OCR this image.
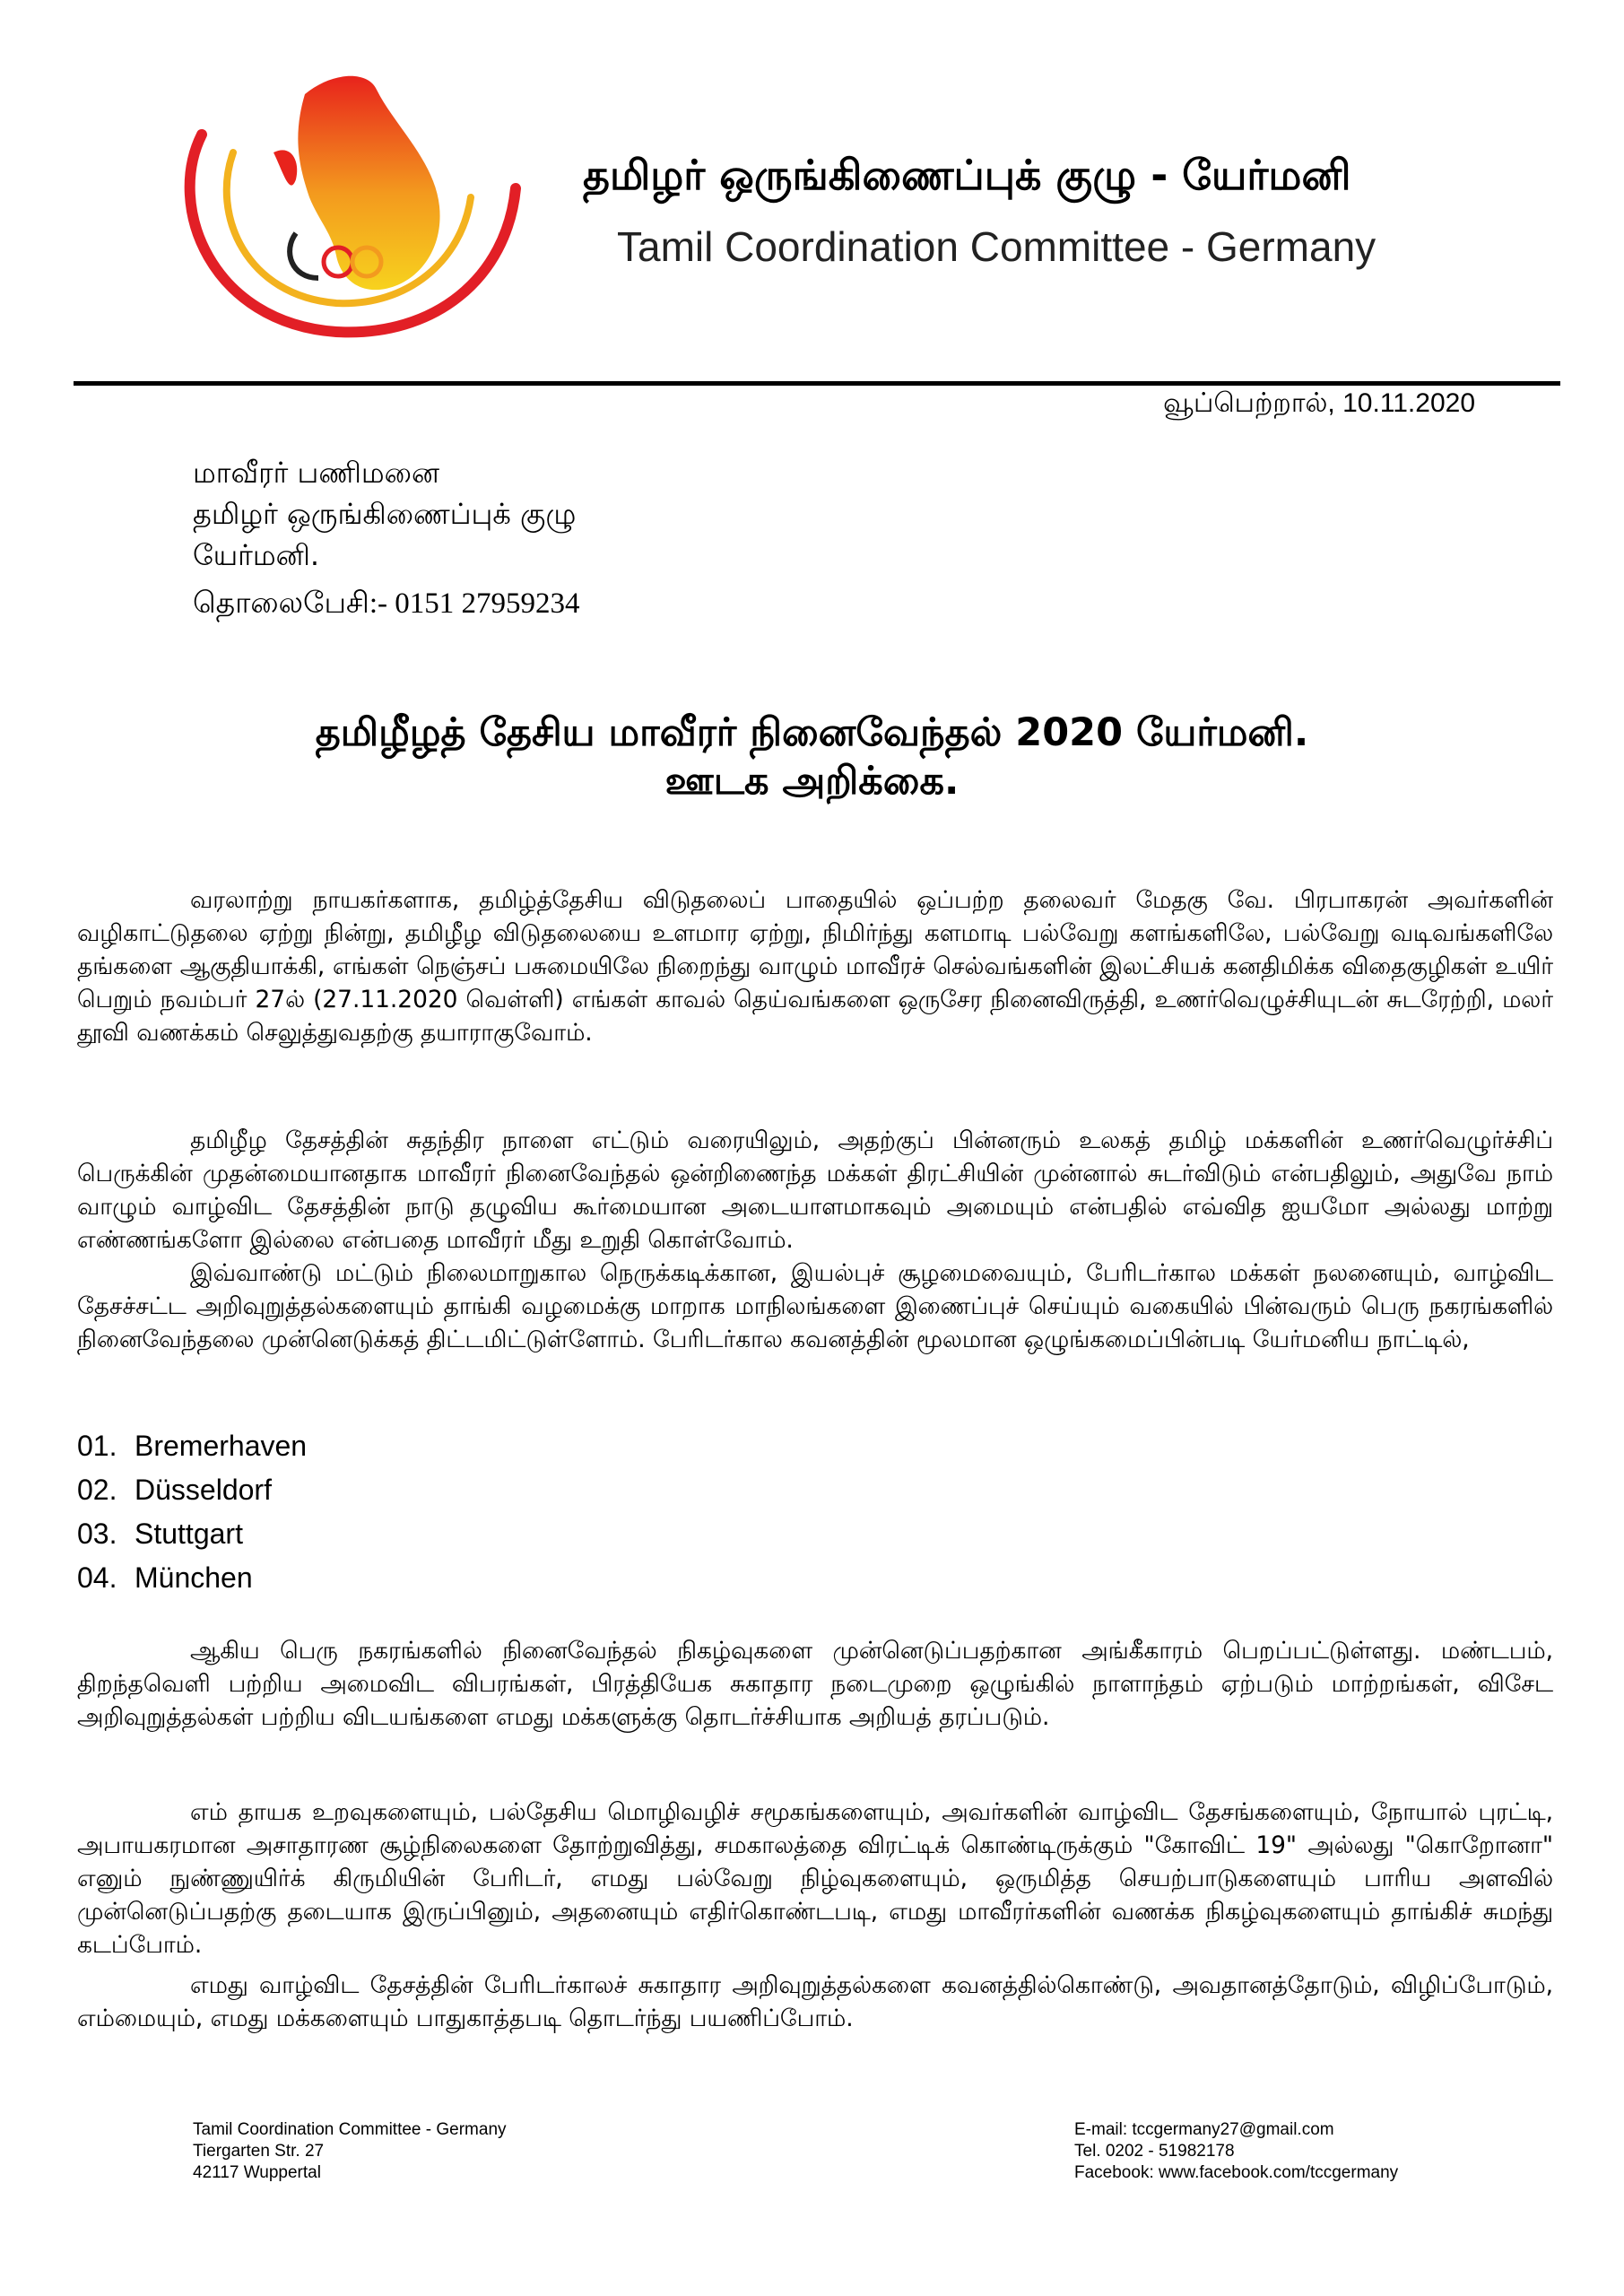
TCC
தமிழர் ஒருங்கிணைப்புக் குழு - யேர்மனி
Tamil Coordination Committee - Germany
வூப்பெற்றால், 10.11.2020
மாவீரர் பணிமனை
தமிழர் ஒருங்கிணைப்புக் குழு
யேர்மனி.
தொலைபேசி:- 0151 27959234
தமிழீழத் தேசிய மாவீரர் நினைவேந்தல் 2020 யேர்மனி.
ஊடக அறிக்கை.
வரலாற்று நாயகர்களாக, தமிழ்த்தேசிய விடுதலைப் பாதையில் ஒப்பற்ற தலைவர் மேதகு வே. பிரபாகரன் அவர்களின் வழிகாட்டுதலை ஏற்று நின்று, தமிழீழ விடுதலையை உளமார ஏற்று, நிமிர்ந்து களமாடி பல்வேறு களங்களிலே, பல்வேறு வடிவங்களிலே தங்களை ஆகுதியாக்கி, எங்கள் நெஞ்சப் பசுமையிலே நிறைந்து வாழும் மாவீரச் செல்வங்களின் இலட்சியக் கனதிமிக்க விதைகுழிகள் உயிர் பெறும் நவம்பர் 27ல் (27.11.2020 வெள்ளி) எங்கள் காவல் தெய்வங்களை ஒருசேர நினைவிருத்தி, உணர்வெழுச்சியுடன் சுடரேற்றி, மலர் தூவி வணக்கம் செலுத்துவதற்கு தயாராகுவோம்.
தமிழீழ தேசத்தின் சுதந்திர நாளை எட்டும் வரையிலும், அதற்குப் பின்னரும் உலகத் தமிழ் மக்களின் உணர்வெழுர்ச்சிப் பெருக்கின் முதன்மையானதாக மாவீரர் நினைவேந்தல் ஒன்றிணைந்த மக்கள் திரட்சியின் முன்னால் சுடர்விடும் என்பதிலும், அதுவே நாம் வாழும் வாழ்விட தேசத்தின் நாடு தழுவிய கூர்மையான அடையாளமாகவும் அமையும் என்பதில் எவ்வித ஐயமோ அல்லது மாற்று எண்ணங்களோ இல்லை என்பதை மாவீரர் மீது உறுதி கொள்வோம்.
இவ்வாண்டு மட்டும் நிலைமாறுகால நெருக்கடிக்கான, இயல்புச் சூழமைவையும், பேரிடர்கால மக்கள் நலனையும், வாழ்விட தேசச்சட்ட அறிவுறுத்தல்களையும் தாங்கி வழமைக்கு மாறாக மாநிலங்களை இணைப்புச் செய்யும் வகையில் பின்வரும் பெரு நகரங்களில் நினைவேந்தலை முன்னெடுக்கத் திட்டமிட்டுள்ளோம். பேரிடர்கால கவனத்தின் மூலமான ஒழுங்கமைப்பின்படி யேர்மனிய நாட்டில்,
01. Bremerhaven
02. Düsseldorf
03. Stuttgart
04. München
ஆகிய பெரு நகரங்களில் நினைவேந்தல் நிகழ்வுகளை முன்னெடுப்பதற்கான அங்கீகாரம் பெறப்பட்டுள்ளது. மண்டபம், திறந்தவெளி பற்றிய அமைவிட விபரங்கள், பிரத்தியேக சுகாதார நடைமுறை ஒழுங்கில் நாளாந்தம் ஏற்படும் மாற்றங்கள், விசேட அறிவுறுத்தல்கள் பற்றிய விடயங்களை எமது மக்களுக்கு தொடர்ச்சியாக அறியத் தரப்படும்.
எம் தாயக உறவுகளையும், பல்தேசிய மொழிவழிச் சமூகங்களையும், அவர்களின் வாழ்விட தேசங்களையும், நோயால் புரட்டி, அபாயகரமான அசாதாரண சூழ்நிலைகளை தோற்றுவித்து, சமகாலத்தை விரட்டிக் கொண்டிருக்கும் "கோவிட் 19" அல்லது "கொறோனா" எனும் நுண்ணுயிர்க் கிருமியின் பேரிடர், எமது பல்வேறு நிழ்வுகளையும், ஒருமித்த செயற்பாடுகளையும் பாரிய அளவில் முன்னெடுப்பதற்கு தடையாக இருப்பினும், அதனையும் எதிர்கொண்டபடி, எமது மாவீரர்களின் வணக்க நிகழ்வுகளையும் தாங்கிச் சுமந்து கடப்போம்.
எமது வாழ்விட தேசத்தின் பேரிடர்காலச் சுகாதார அறிவுறுத்தல்களை கவனத்தில்கொண்டு, அவதானத்தோடும், விழிப்போடும், எம்மையும், எமது மக்களையும் பாதுகாத்தபடி தொடர்ந்து பயணிப்போம்.
Tamil Coordination Committee - Germany
Tiergarten Str. 27
42117 Wuppertal
E-mail: tccgermany27@gmail.com
Tel. 0202 - 51982178
Facebook: www.facebook.com/tccgermany
